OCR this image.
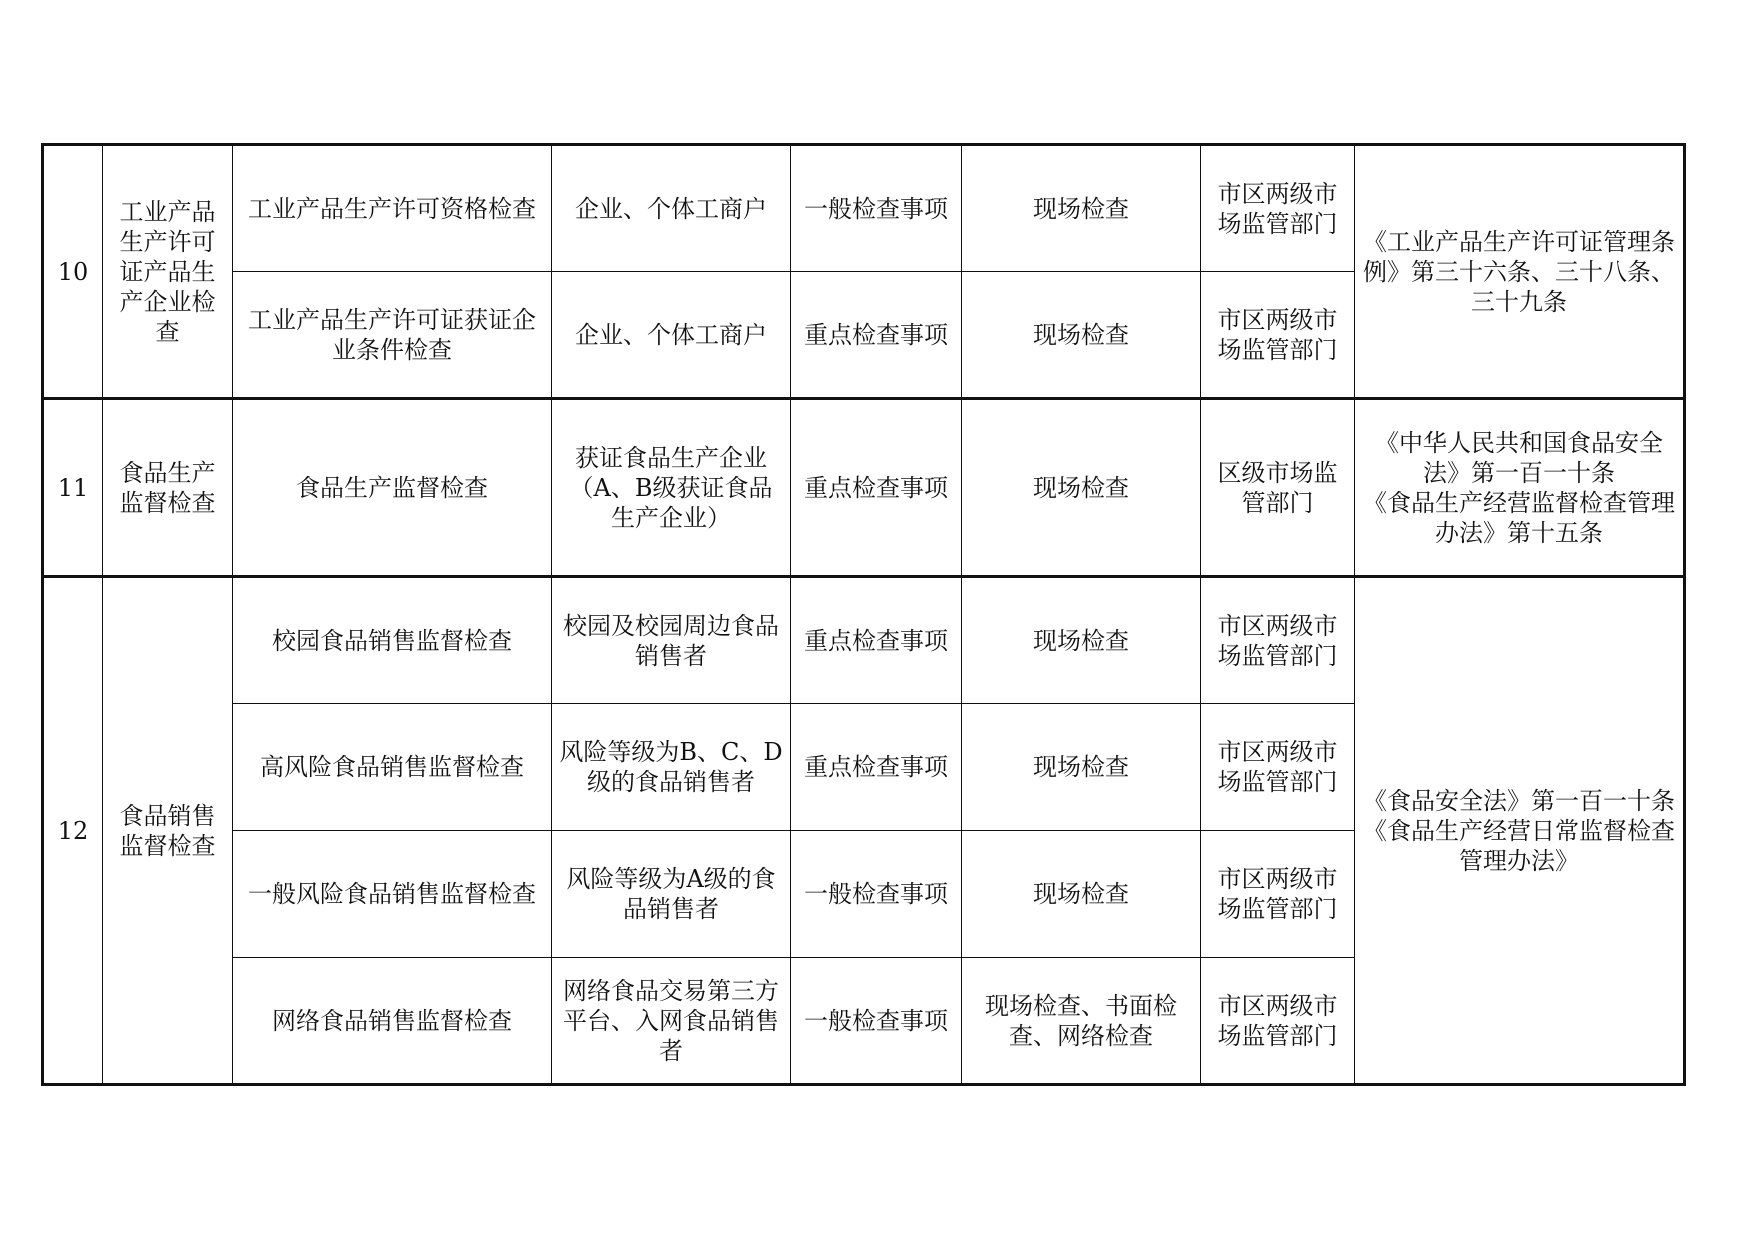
10	工业产品生产许可证产品生产企业检查	工业产品生产许可资格检查	企业、个体工商户	一般检查事项	现场检查	市区两级市场监管部门	《工业产品生产许可证管理条例》第三十六条、三十八条、三十九条

		工业产品生产许可证获证企业条件检查	企业、个体工商户	重点检查事项	现场检查	市区两级市场监管部门	
11	食品生产监督检查	食品生产监督检查	获证食品生产企业（A、B级获证食品生产企业）	重点检查事项	现场检查	区级市场监管部门	《中华人民共和国食品安全法》第一百一十条
《食品生产经营监督检查管理办法》第十五条

12	食品销售监督检查	校园食品销售监督检查	校园及校园周边食品销售者	重点检查事项	现场检查	市区两级市场监管部门	《食品安全法》第一百一十条
《食品生产经营日常监督检查管理办法》

		高风险食品销售监督检查	风险等级为B、C、D级的食品销售者	重点检查事项	现场检查	市区两级市场监管部门	
		一般风险食品销售监督检查	风险等级为A级的食品销售者	一般检查事项	现场检查	市区两级市场监管部门	
		网络食品销售监督检查	网络食品交易第三方平台、入网食品销售者	一般检查事项	现场检查、书面检查、网络检查	市区两级市场监管部门	
